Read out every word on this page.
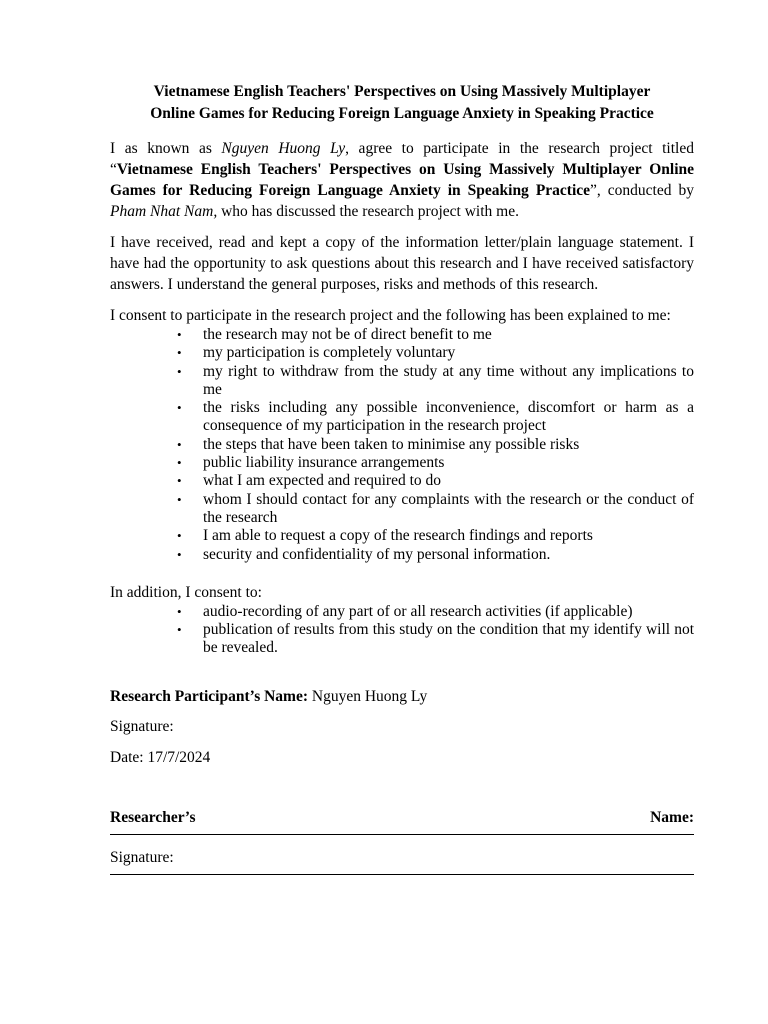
Vietnamese English Teachers' Perspectives on Using Massively Multiplayer
Online Games for Reducing Foreign Language Anxiety in Speaking Practice

I as known as Nguyen Huong Ly, agree to participate in the research project titled “Vietnamese English Teachers' Perspectives on Using Massively Multiplayer Online Games for Reducing Foreign Language Anxiety in Speaking Practice”, conducted by Pham Nhat Nam, who has discussed the research project with me.

I have received, read and kept a copy of the information letter/plain language statement. I have had the opportunity to ask questions about this research and I have received satisfactory answers. I understand the general purposes, risks and methods of this research.

I consent to participate in the research project and the following has been explained to me:

• the research may not be of direct benefit to me
• my participation is completely voluntary
• my right to withdraw from the study at any time without any implications to me
• the risks including any possible inconvenience, discomfort or harm as a consequence of my participation in the research project
• the steps that have been taken to minimise any possible risks
• public liability insurance arrangements
• what I am expected and required to do
• whom I should contact for any complaints with the research or the conduct of the research
• I am able to request a copy of the research findings and reports
• security and confidentiality of my personal information.

In addition, I consent to:

• audio-recording of any part of or all research activities (if applicable)
• publication of results from this study on the condition that my identify will not be revealed.

Research Participant’s Name: Nguyen Huong Ly

Signature:

Date: 17/7/2024

Researcher’s	Name:

Signature:
